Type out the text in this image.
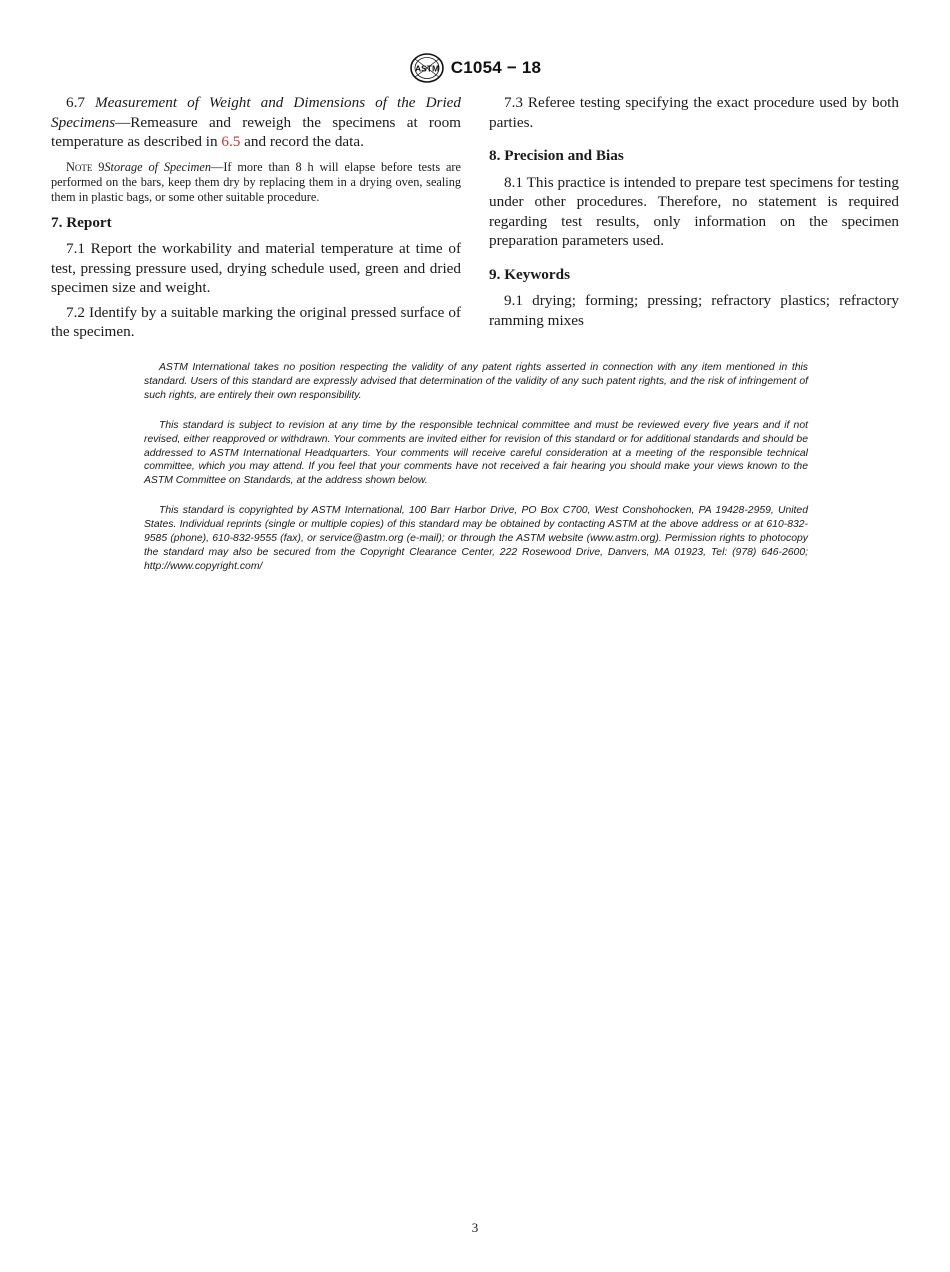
ASTM C1054 − 18

6.7 Measurement of Weight and Dimensions of the Dried Specimens—Remeasure and reweigh the specimens at room temperature as described in 6.5 and record the data.

Note 9Storage of Specimen—If more than 8 h will elapse before tests are performed on the bars, keep them dry by replacing them in a drying oven, sealing them in plastic bags, or some other suitable procedure.

7. Report

7.1 Report the workability and material temperature at time of test, pressing pressure used, drying schedule used, green and dried specimen size and weight.

7.2 Identify by a suitable marking the original pressed surface of the specimen.

7.3 Referee testing specifying the exact procedure used by both parties.

8. Precision and Bias

8.1 This practice is intended to prepare test specimens for testing under other procedures. Therefore, no statement is required regarding test results, only information on the specimen preparation parameters used.

9. Keywords

9.1 drying; forming; pressing; refractory plastics; refractory ramming mixes

ASTM International takes no position respecting the validity of any patent rights asserted in connection with any item mentioned in this standard. Users of this standard are expressly advised that determination of the validity of any such patent rights, and the risk of infringement of such rights, are entirely their own responsibility.

This standard is subject to revision at any time by the responsible technical committee and must be reviewed every five years and if not revised, either reapproved or withdrawn. Your comments are invited either for revision of this standard or for additional standards and should be addressed to ASTM International Headquarters. Your comments will receive careful consideration at a meeting of the responsible technical committee, which you may attend. If you feel that your comments have not received a fair hearing you should make your views known to the ASTM Committee on Standards, at the address shown below.

This standard is copyrighted by ASTM International, 100 Barr Harbor Drive, PO Box C700, West Conshohocken, PA 19428-2959, United States. Individual reprints (single or multiple copies) of this standard may be obtained by contacting ASTM at the above address or at 610-832-9585 (phone), 610-832-9555 (fax), or service@astm.org (e-mail); or through the ASTM website (www.astm.org). Permission rights to photocopy the standard may also be secured from the Copyright Clearance Center, 222 Rosewood Drive, Danvers, MA 01923, Tel: (978) 646-2600; http://www.copyright.com/

3
